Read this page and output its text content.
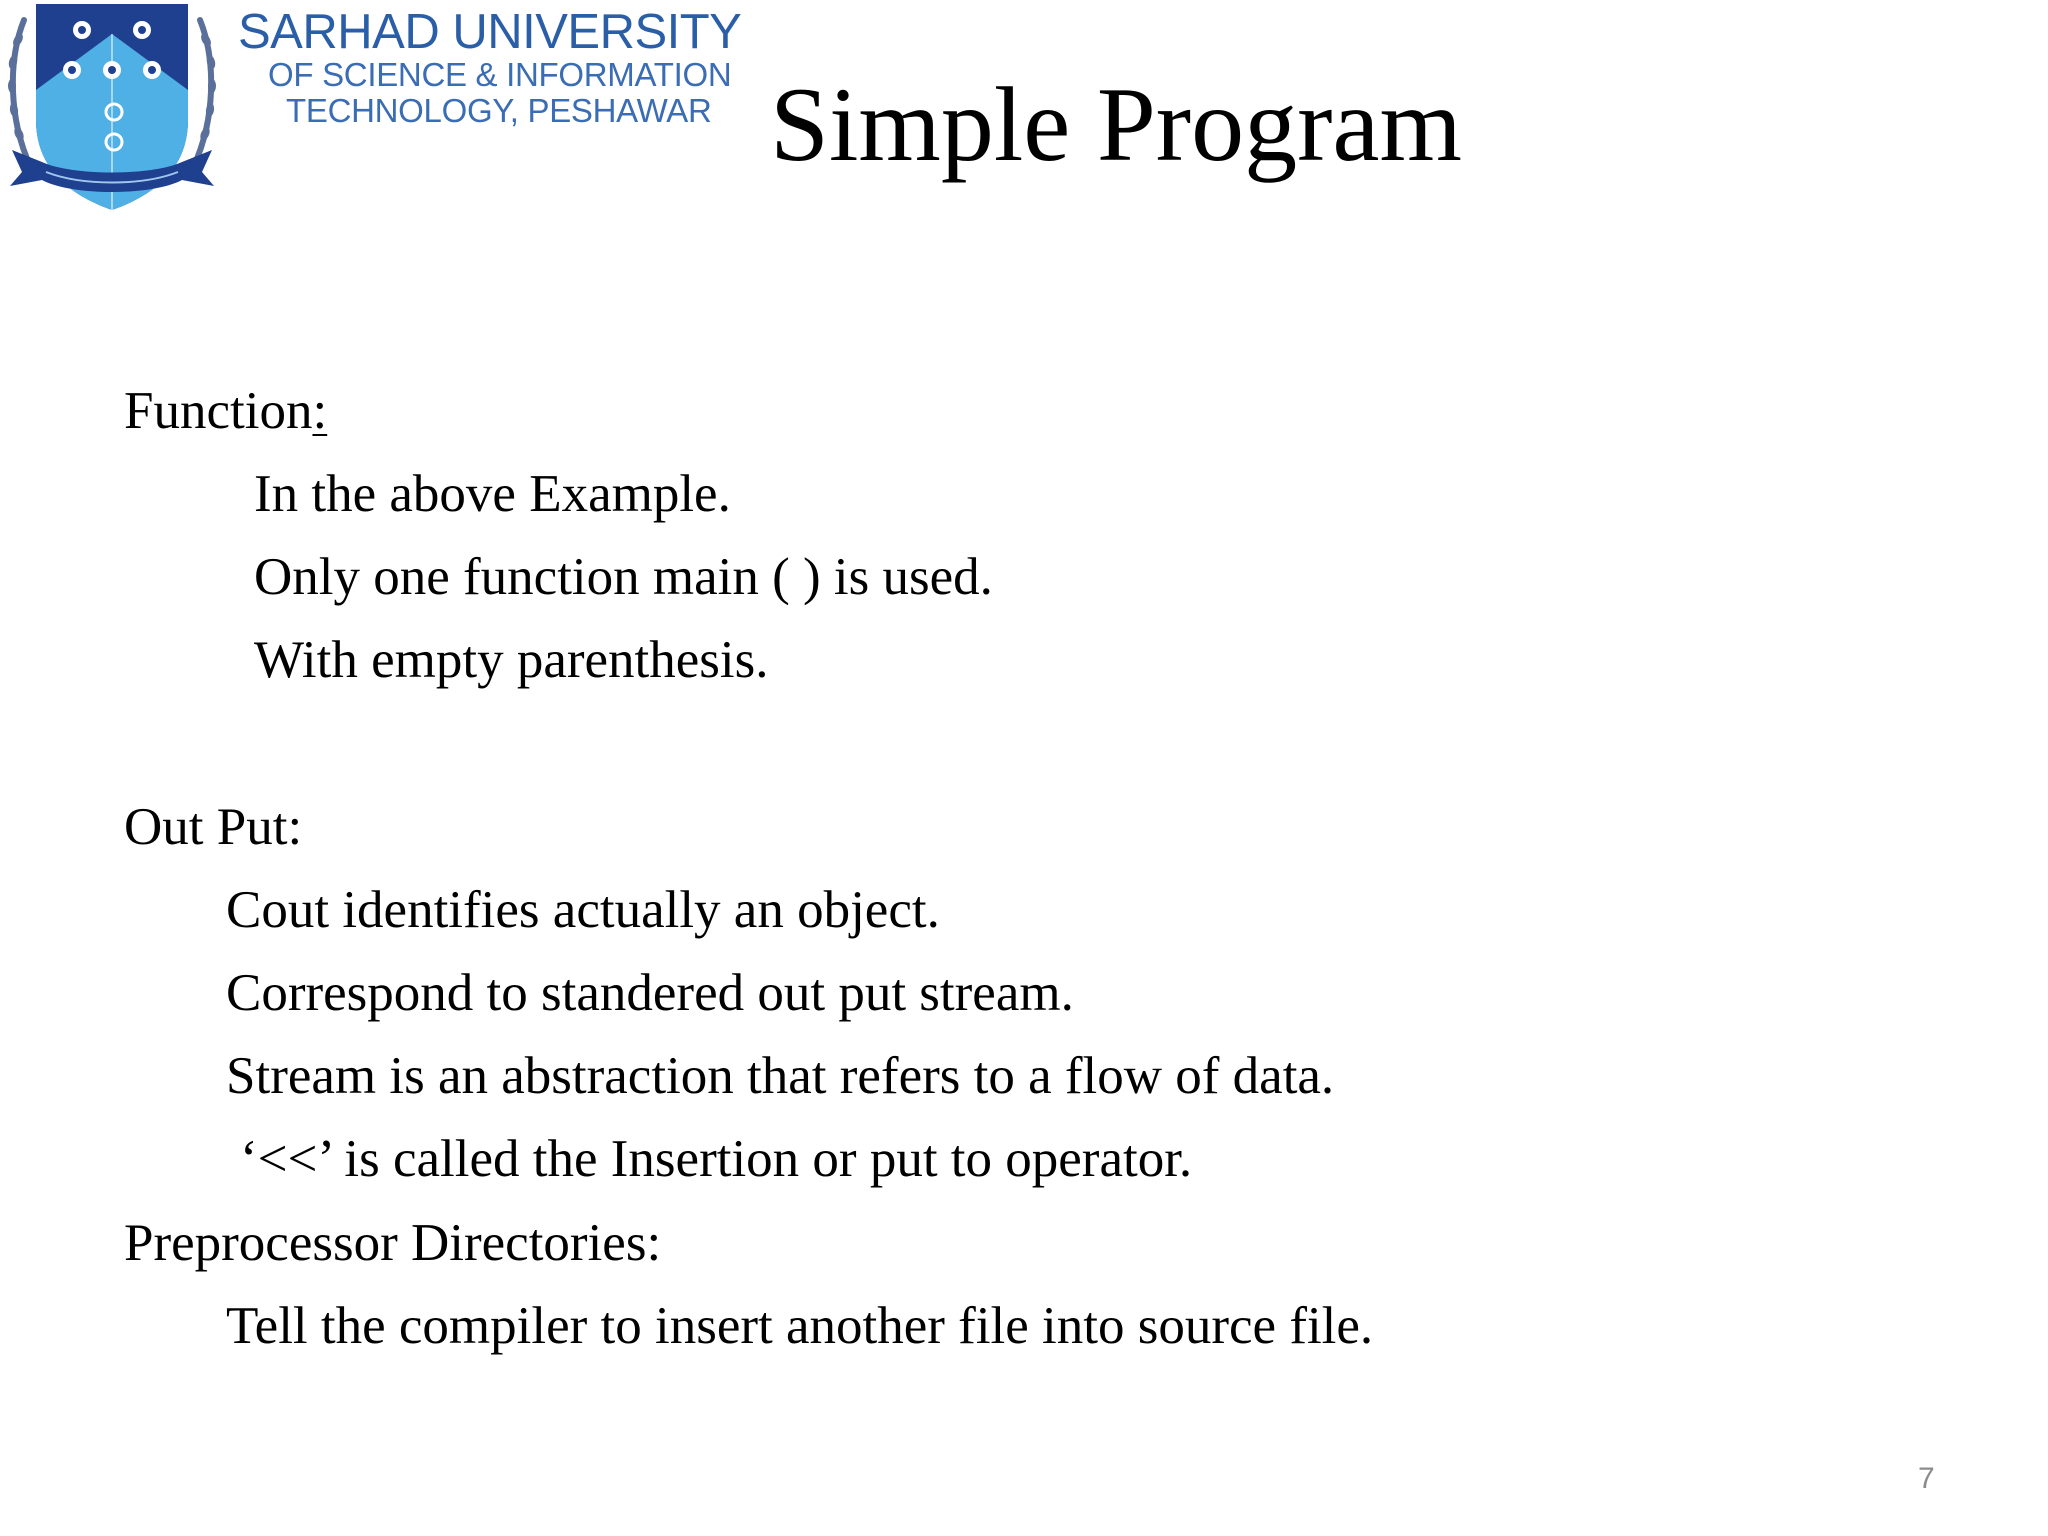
SARHAD UNIVERSITY
OF SCIENCE & INFORMATION
TECHNOLOGY, PESHAWAR Simple Program
Function:
In the above Example.
Only one function main ( ) is used.
With empty parenthesis.
Out Put:
Cout identifies actually an object.
Correspond to standered out put stream.
Stream is an abstraction that refers to a flow of data.
‘<<’ is called the Insertion or put to operator.
Preprocessor Directories:
Tell the compiler to insert another file into source file.
7
